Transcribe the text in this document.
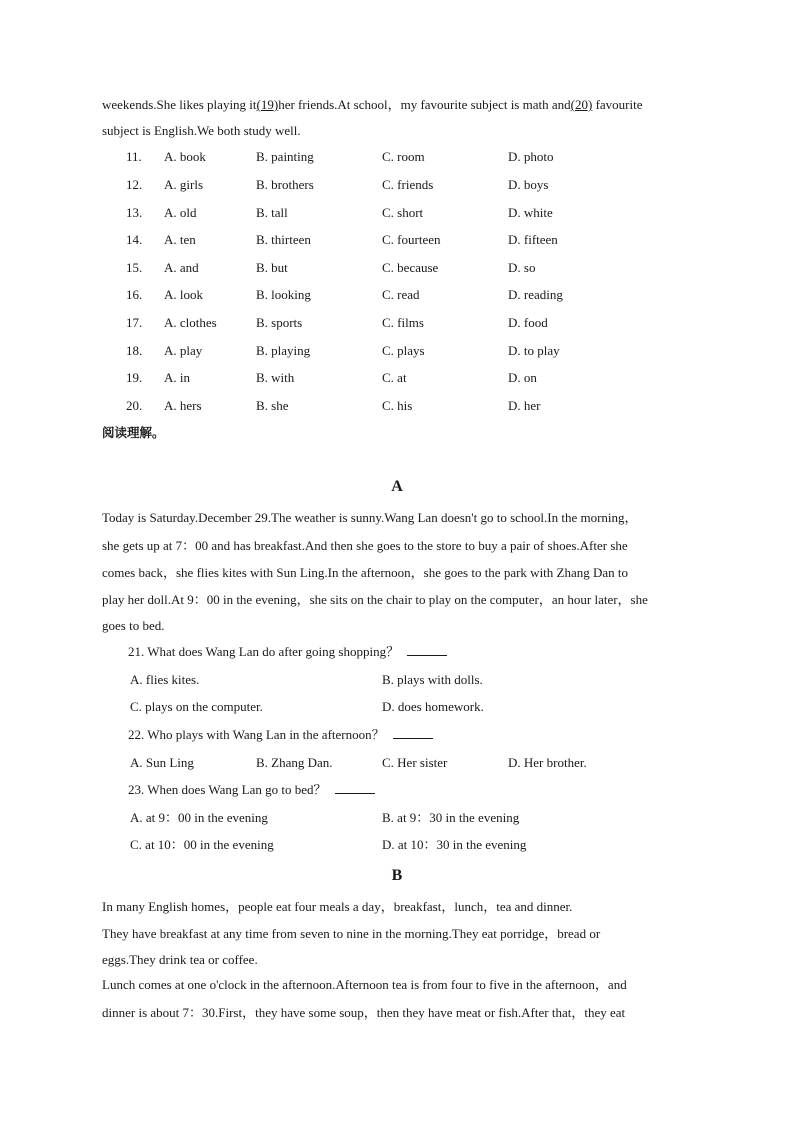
weekends.She likes playing it(19)her friends.At school，my favourite subject is math and(20) favourite
subject is English.We both study well.
11. A. book	B. painting	C. room	D. photo
12. A. girls	B. brothers	C. friends	D. boys
13. A. old	B. tall	C. short	D. white
14. A. ten	B. thirteen	C. fourteen	D. fifteen
15. A. and	B. but	C. because	D. so
16. A. look	B. looking	C. read	D. reading
17. A. clothes	B. sports	C. films	D. food
18. A. play	B. playing	C. plays	D. to play
19. A. in	B. with	C. at	D. on
20. A. hers	B. she	C. his	D. her
阅读理解。
A
Today is Saturday.December 29.The weather is sunny.Wang Lan doesn't go to school.In the morning，
she gets up at 7：00 and has breakfast.And then she goes to the store to buy a pair of shoes.After she
comes back，she flies kites with Sun Ling.In the afternoon，she goes to the park with Zhang Dan to
play her doll.At 9：00 in the evening，she sits on the chair to play on the computer，an hour later，she
goes to bed.
21. What does Wang Lan do after going shopping？
A. flies kites.	B. plays with dolls.
C. plays on the computer.	D. does homework.
22. Who plays with Wang Lan in the afternoon？
A. Sun Ling	B. Zhang Dan.	C. Her sister	D. Her brother.
23. When does Wang Lan go to bed？
A. at 9：00 in the evening	B. at 9：30 in the evening
C. at 10：00 in the evening	D. at 10：30 in the evening
B
In many English homes，people eat four meals a day，breakfast，lunch，tea and dinner.
They have breakfast at any time from seven to nine in the morning.They eat porridge，bread or
eggs.They drink tea or coffee.
Lunch comes at one o'clock in the afternoon.Afternoon tea is from four to five in the afternoon，and
dinner is about 7：30.First，they have some soup，then they have meat or fish.After that，they eat
